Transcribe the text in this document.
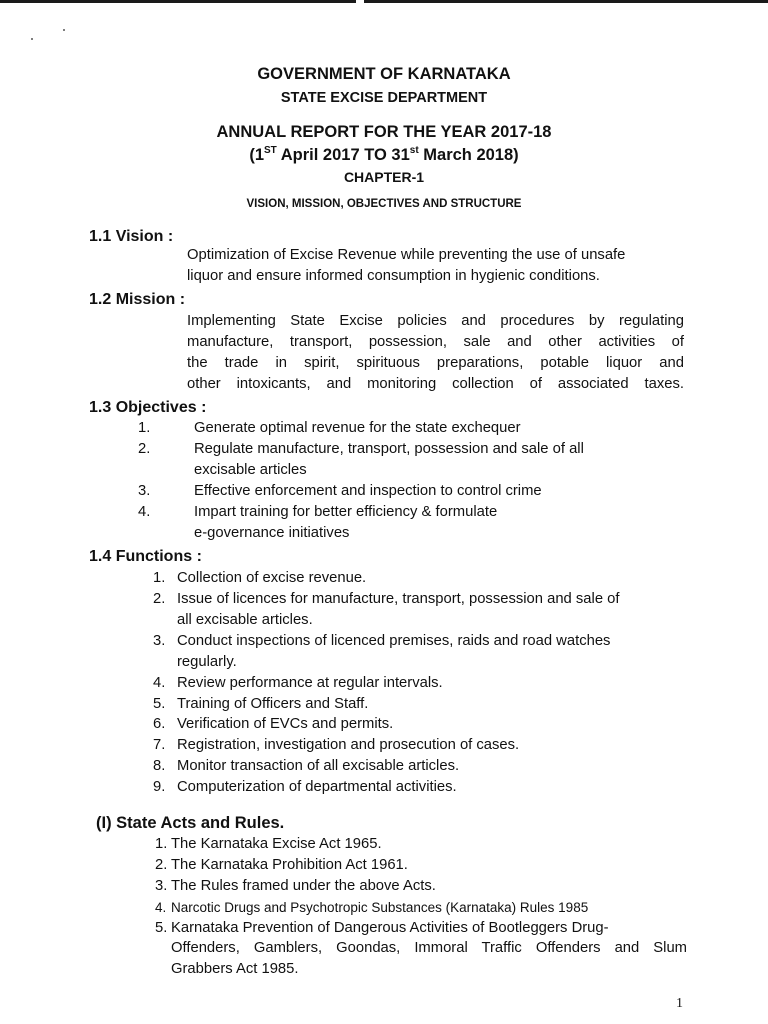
GOVERNMENT OF KARNATAKA
STATE EXCISE DEPARTMENT
ANNUAL REPORT FOR THE YEAR 2017-18
(1ST April 2017 TO 31st March 2018)
CHAPTER-1
VISION, MISSION, OBJECTIVES AND STRUCTURE
1.1 Vision :
Optimization of Excise Revenue while preventing the use of unsafe
liquor and ensure informed consumption in hygienic conditions.
1.2 Mission :
Implementing State Excise policies and procedures by regulating
manufacture, transport, possession, sale and other activities of
the trade in spirit, spirituous preparations, potable liquor and
other intoxicants, and monitoring collection of associated taxes.
1.3 Objectives :
1.	Generate optimal revenue for the state exchequer
2.	Regulate manufacture, transport, possession and sale of all
excisable articles
3.	Effective enforcement and inspection to control crime
4.	Impart training for better efficiency & formulate
e-governance initiatives
1.4 Functions :
1. Collection of excise revenue.
2. Issue of licences for manufacture, transport, possession and sale of
all excisable articles.
3. Conduct inspections of licenced premises, raids and road watches
regularly.
4. Review performance at regular intervals.
5. Training of Officers and Staff.
6. Verification of EVCs and permits.
7. Registration, investigation and prosecution of cases.
8. Monitor transaction of all excisable articles.
9. Computerization of departmental activities.
(I) State Acts and Rules.
1. The Karnataka Excise Act 1965.
2. The Karnataka Prohibition Act 1961.
3. The Rules framed under the above Acts.
4. Narcotic Drugs and Psychotropic Substances (Karnataka) Rules 1985
5. Karnataka Prevention of Dangerous Activities of Bootleggers Drug-
Offenders, Gamblers, Goondas, Immoral Traffic Offenders and Slum
Grabbers Act 1985.
1
